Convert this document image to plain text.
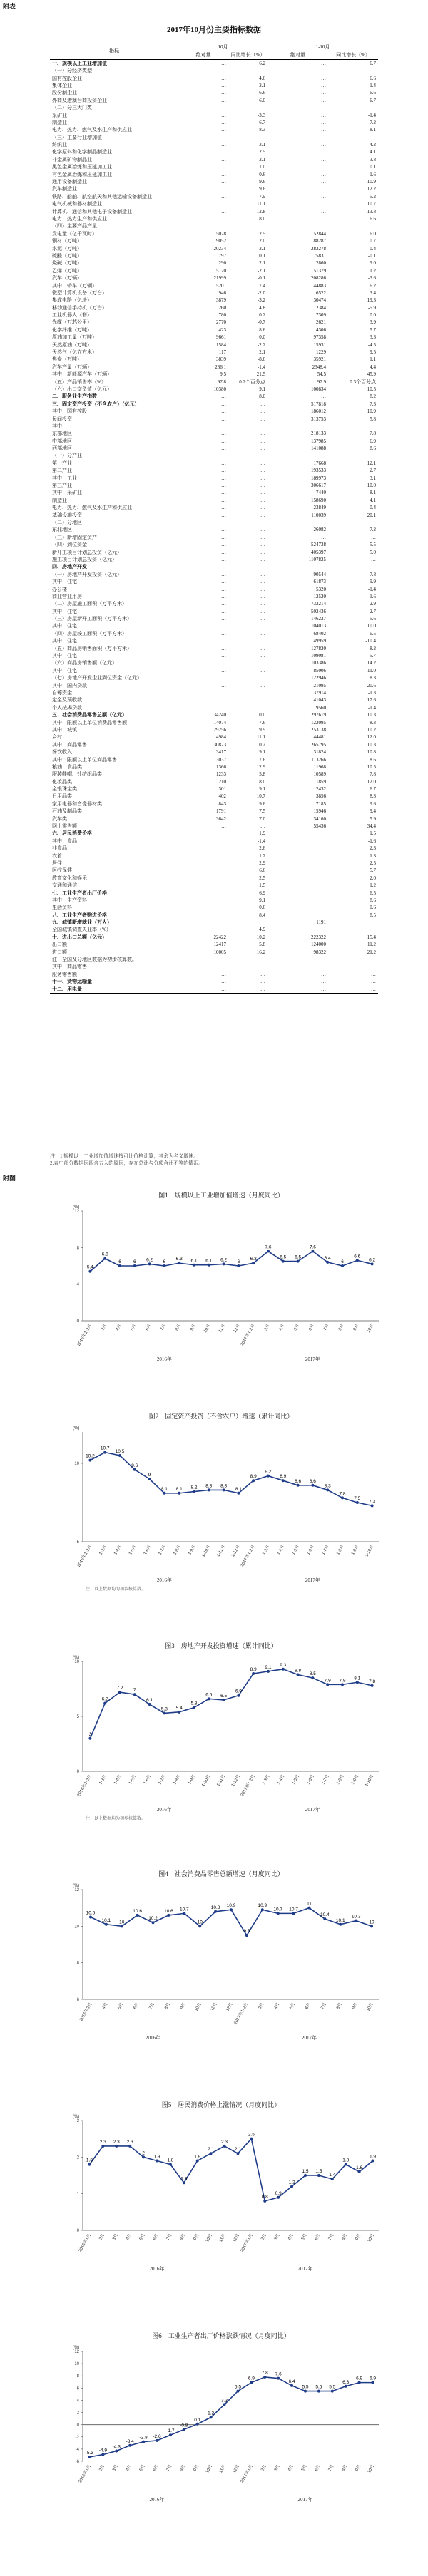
附表
2017年10月份主要指标数据
指标	10月		1-10月	
	绝对量	同比增长（%）	绝对量	同比增长（%）
一、规模以上工业增加值	…	6.2	…	6.7
（一）分经济类型				
国有控股企业	…	4.6	…	6.6
集体企业	…	-2.1	…	1.4
股份制企业	…	6.6	…	6.6
外商及港澳台商投资企业	…	6.0	…	6.7
（二）分三大门类				
采矿业	…	-3.3	…	-1.4
制造业	…	6.7	…	7.2
电力、热力、燃气及水生产和供应业	…	8.3	…	8.1
（三）主要行业增加值				
纺织业	…	3.1	…	4.2
化学原料和化学制品制造业	…	2.5	…	4.1
非金属矿物制品业	…	2.1	…	3.8
黑色金属冶炼和压延加工业	…	1.0	…	0.1
有色金属冶炼和压延加工业	…	0.6	…	1.6
通用设备制造业	…	9.6	…	10.9
汽车制造业	…	9.6	…	12.2
铁路、船舶、航空航天和其他运输设备制造业	…	7.9	…	5.2
电气机械和器材制造业	…	11.1	…	10.7
计算机、通信和其他电子设备制造业	…	12.8	…	13.8
电力、热力生产和供应业	…	8.0	…	6.6
（四）主要产品产量				
发电量（亿千瓦时）	5028	2.5	52844	6.0
钢材（万吨）	9052	2.0	88287	0.7
水泥（万吨）	20234	-2.1	283278	-0.4
硫酸（万吨）	797	0.1	75831	-0.1
烧碱（万吨）	290	2.1	2860	9.0
乙烯（万吨）	5170	-2.1	51379	1.2
汽车（万辆）	21999	-0.1	208286	-3.6
其中：轿车（万辆）	5201	7.4	44883	6.2
微型计算机设备（万台）	946	-2.0	6522	3.4
集成电路（亿块）	3879	-3.2	30474	19.3
移动通信手持机（万台）	260	4.8	2384	-5.9
工业机器人（套）	780	0.2	7309	0.0
光缆（万芯公里）	2770	-0.7	2621	3.9
化学纤维（万吨）	423	8.6	4306	5.7
原油加工量（万吨）	9661	0.0	97358	3.3
天然原油（万吨）	1584	-2.2	15931	-4.5
天然气（亿立方米）	117	2.1	1229	9.5
焦炭（万吨）	3839	-8.6	35921	1.1
汽车产量（万辆）	286.1	-1.4	2348.4	4.4
其中：新能源汽车（万辆）	9.5	21.5	54.5	45.9
（五）产品销售率（%）	97.8	0.2个百分点	97.9	0.3个百分点
（六）出口交货值（亿元）	10380	9.1	100834	10.5
二、服务业生产指数	…	8.0	…	8.2
三、固定资产投资（不含农户）（亿元）	…	…	517818	7.3
其中：国有控股	…	…	186012	10.9
民间投资	…	…	313753	5.8
其中：				
东部地区	…	…	218133	7.8
中部地区	…	…	137985	6.9
西部地区	…	…	141088	8.6
（一）分产业				
第一产业	…	…	17668	12.1
第二产业	…	…	193533	2.7
其中：工业	…	…	189973	3.1
第三产业	…	…	306617	10.0
其中：采矿业	…	…	7440	-8.1
制造业	…	…	158690	4.1
电力、热力、燃气及水生产和供应业	…	…	23849	0.4
基础设施投资	…	…	110039	20.1
（二）分地区				
东北地区	…	…	26082	-7.2
（三）新增固定资产	…	…	…	…
（四）到位资金	…	…	524738	5.5
新开工项目计划总投资（亿元）	…	…	405397	5.0
施工项目计划总投资（亿元）	…	…	1107825	…
四、房地产开发				
（一）房地产开发投资（亿元）	…	…	90544	7.8
其中：住宅	…	…	61873	9.9
办公楼	…	…	5320	-1.4
商业营业用房	…	…	12520	-1.6
（二）房屋施工面积（万平方米）	…	…	732214	2.9
其中：住宅	…	…	502436	2.7
（三）房屋新开工面积（万平方米）	…	…	146227	5.6
其中：住宅	…	…	104013	10.0
（四）房屋竣工面积（万平方米）	…	…	68402	-6.5
其中：住宅	…	…	49959	-10.4
（五）商品房销售面积（万平方米）	…	…	127820	8.2
其中：住宅	…	…	109081	5.7
（六）商品房销售额（亿元）	…	…	103386	14.2
其中：住宅	…	…	85006	11.0
（七）房地产开发企业到位资金（亿元）	…	…	122946	8.3
其中：国内贷款	…	…	21095	20.6
自筹资金	…	…	37914	-1.3
定金及预收款	…	…	41043	17.6
个人按揭贷款	…	…	19560	-1.4
五、社会消费品零售总额（亿元）	34240	10.0	297619	10.3
其中：限额以上单位消费品零售额	14074	7.6	122095	8.3
其中：城镇	29256	9.9	253138	10.2
乡村	4984	11.1	44481	12.0
其中：商品零售	30823	10.2	265795	10.3
餐饮收入	3417	9.1	31824	10.8
其中：限额以上单位商品零售	13037	7.6	113266	8.6
粮油、食品类	1366	12.9	11968	10.5
服装鞋帽、针纺织品类	1233	5.8	10589	7.8
化妆品类	210	8.0	1859	12.0
金银珠宝类	301	9.1	2432	6.7
日用品类	402	10.7	3856	8.3
家用电器和音像器材类	843	9.6	7185	9.6
石油及制品类	1791	7.5	15946	9.4
汽车类	3642	7.0	34160	5.9
网上零售额	…	…	55436	34.4
六、居民消费价格		1.9		1.5
其中：食品		-1.4		-1.6
非食品		2.6		2.3
衣着		1.2		1.3
居住		2.9		2.5
医疗保健		6.6		5.7
教育文化和娱乐		2.5		2.0
交通和通信		1.5		1.2
七、工业生产者出厂价格		6.9		6.5
其中：生产资料		9.1		8.6
生活资料		0.6		0.6
八、工业生产者购进价格		8.4		8.5
九、城镇新增就业（万人）			1191	
全国城镇调查失业率（%）		4.9		
十、进出口总额（亿元）	22422	10.2	222322	15.4
出口额	12417	5.8	124000	11.2
进口额	10005	16.2	98322	21.2
注：全国及分地区数据为初步核算数。				
其中：商品零售				
服务零售额	…	…	…	…
十一、货物运输量	…	…	…	…
十二、用电量	…	…	…	…

注：1.规模以上工业增加值增速按可比价格计算，其余为名义增速。

2.表中部分数据因四舍五入的原因，存在总计与分项合计不等的情况。

附图
图1　规模以上工业增加值增速（月度同比）
(%)
0
4
8
12
2016年1-2月 3月 4月 5月 6月 7月 8月 9月 10月 11月 12月
2017年1-2月 3月 4月 5月 6月 7月 8月 9月 10月
2016年	2017年
5.4
6.8
6	6 6.2 6
6.3 6.1 6.1 6.2 6
6.3
7.6
6.5 6.5
7.6
6.4
6
6.6
6.2
图2　固定资产投资（不含农户）增速（累计同比）
(%)
5
10
2016年1-2月 1-3月 1-4月 1-5月 1-6月 1-7月 1-8月 1-9月 1-10月 1-11月 1-12月
2017年1-2月 1-3月 1-4月 1-5月 1-6月 1-7月 1-8月 1-9月 1-10月
2016年	2017年
10.2
10.7
10.5
9.6
9
8.1 8.1 8.2 8.3 8.3
8.1
8.9
9.2
8.9
8.6 8.6
8.3
7.8
7.5
7.3
注：以上数据均为初步核算数。
图3　房地产开发投资增速（累计同比）
(%)
0
5
10
2016年1-2月 1-3月 1-4月 1-5月 1-6月 1-7月 1-8月 1-9月 1-10月 1-11月 1-12月
2017年1-2月 1-3月 1-4月 1-5月 1-6月 1-7月 1-8月 1-9月 1-10月
2016年	2017年
3
6.2
7.2 7
6.1
5.3 5.4
5.8
6.6 6.5
6.9
8.9 9.1 9.3
8.8
8.5
7.9 7.9 8.1
7.8
注：以上数据均为初步核算数。
图4　社会消费品零售总额增速（月度同比）
(%)
6
8
10
12
2016年3月 4月 5月 6月 7月 8月 9月 10月 11月 12月 2017年1-2月 3月 4月 5月 6月 7月 8月 9月 10月
2016年	2017年
10.5
10.1 10
10.6
10.2
10.6 10.7
10
10.8 10.9
9.5
10.9
10.7 10.7
11
10.4
10.1
10.3
10
图5　居民消费价格上涨情况（月度同比）
(%)
0
1
2
3
2016年1月 2月 3月 4月 5月 6月 7月 8月 9月 10月 11月 12月 2017年1月 2月 3月 4月 5月 6月 7月 8月 9月 10月
2016年	2017年
1.8
2.3 2.3 2.3
2
1.9
1.8
1.3
1.9
2.1
2.3
2.1
2.5
0.8
0.9
1.2
1.5 1.5
1.4
1.8
1.6
1.9
图6　工业生产者出厂价格涨跌情况（月度同比）
(%)
-6
-4
-2
0
2
4
6
8
10
12
2016年1月 2月 3月 4月 5月 6月 7月 8月 9月 10月 11月 12月 2017年1月 2月 3月 4月 5月 6月 7月 8月 9月 10月
2016年	2017年
-5.3 -4.9
-4.3
-3.4
-2.8 -2.6
-1.7
-0.8
0.1
1.2
3.3
5.5
6.9
7.8 7.6
6.4
5.5 5.5 5.5
6.3
6.9 6.9
